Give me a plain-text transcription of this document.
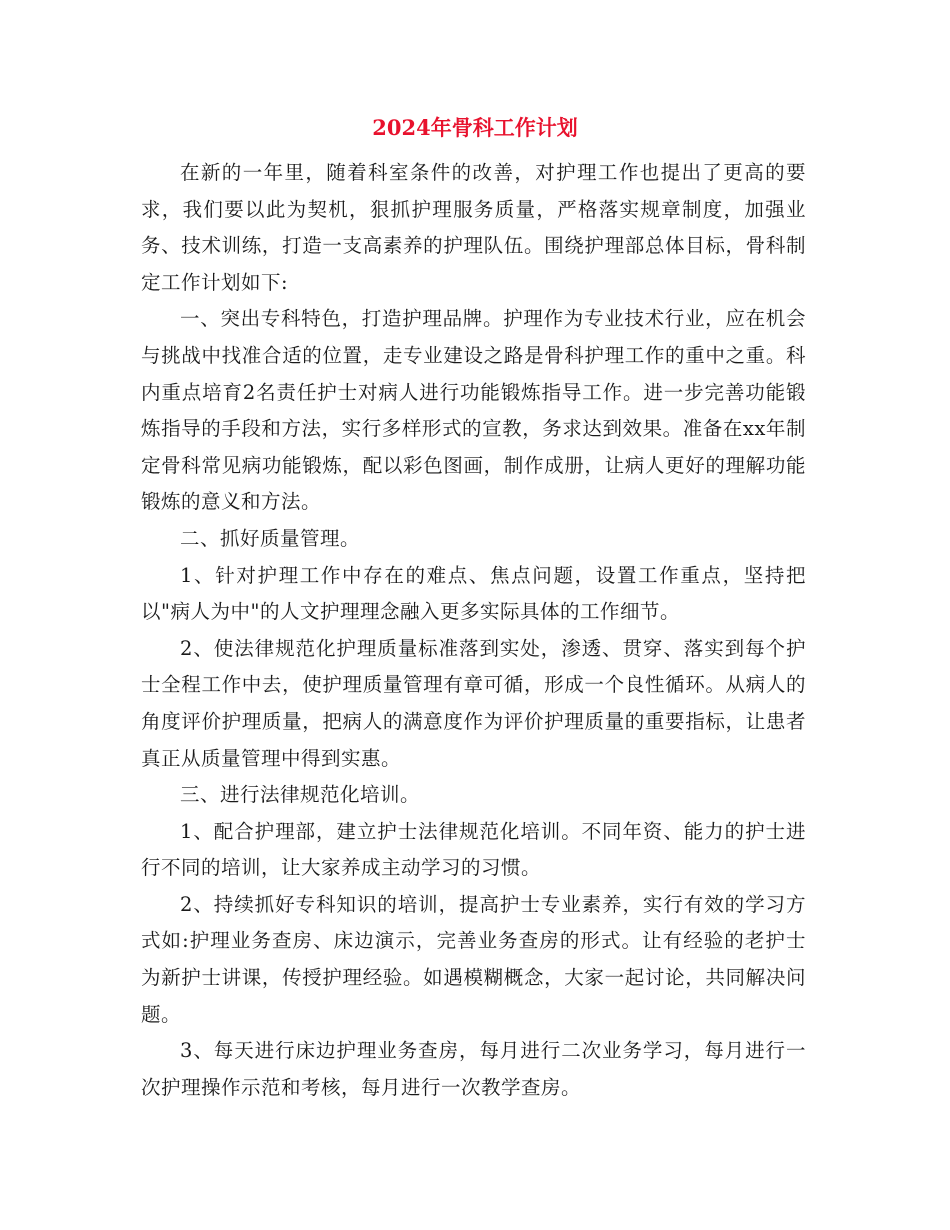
2024年骨科工作计划

在新的一年里，随着科室条件的改善，对护理工作也提出了更高的要求，我们要以此为契机，狠抓护理服务质量，严格落实规章制度，加强业务、技术训练，打造一支高素养的护理队伍。围绕护理部总体目标，骨科制定工作计划如下:

一、突出专科特色，打造护理品牌。护理作为专业技术行业，应在机会与挑战中找准合适的位置，走专业建设之路是骨科护理工作的重中之重。科内重点培育2名责任护士对病人进行功能锻炼指导工作。进一步完善功能锻炼指导的手段和方法，实行多样形式的宣教，务求达到效果。准备在xx年制定骨科常见病功能锻炼，配以彩色图画，制作成册，让病人更好的理解功能锻炼的意义和方法。

二、抓好质量管理。

1、针对护理工作中存在的难点、焦点问题，设置工作重点，坚持把以"病人为中"的人文护理理念融入更多实际具体的工作细节。

2、使法律规范化护理质量标准落到实处，渗透、贯穿、落实到每个护士全程工作中去，使护理质量管理有章可循，形成一个良性循环。从病人的角度评价护理质量，把病人的满意度作为评价护理质量的重要指标，让患者真正从质量管理中得到实惠。

三、进行法律规范化培训。

1、配合护理部，建立护士法律规范化培训。不同年资、能力的护士进行不同的培训，让大家养成主动学习的习惯。

2、持续抓好专科知识的培训，提高护士专业素养，实行有效的学习方式如:护理业务查房、床边演示，完善业务查房的形式。让有经验的老护士为新护士讲课，传授护理经验。如遇模糊概念，大家一起讨论，共同解决问题。

3、每天进行床边护理业务查房，每月进行二次业务学习，每月进行一次护理操作示范和考核，每月进行一次教学查房。
